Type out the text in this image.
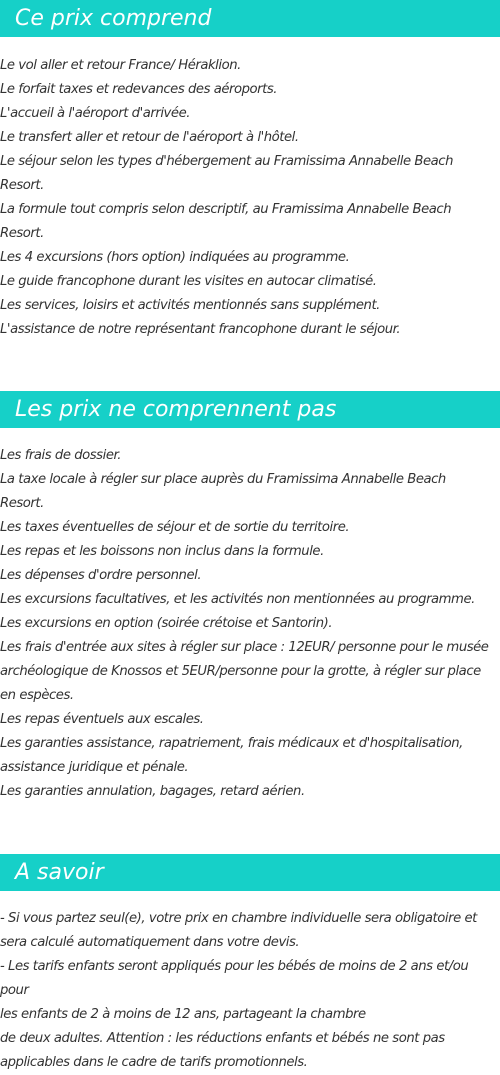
Ce prix comprend
Le vol aller et retour France/ Héraklion.
Le forfait taxes et redevances des aéroports.
L'accueil à l'aéroport d'arrivée.
Le transfert aller et retour de l'aéroport à l'hôtel.
Le séjour selon les types d'hébergement au Framissima Annabelle Beach
Resort.
La formule tout compris selon descriptif, au Framissima Annabelle Beach
Resort.
Les 4 excursions (hors option) indiquées au programme.
Le guide francophone durant les visites en autocar climatisé.
Les services, loisirs et activités mentionnés sans supplément.
L'assistance de notre représentant francophone durant le séjour.
Les prix ne comprennent pas
Les frais de dossier.
La taxe locale à régler sur place auprès du Framissima Annabelle Beach
Resort.
Les taxes éventuelles de séjour et de sortie du territoire.
Les repas et les boissons non inclus dans la formule.
Les dépenses d'ordre personnel.
Les excursions facultatives, et les activités non mentionnées au programme.
Les excursions en option (soirée crétoise et Santorin).
Les frais d'entrée aux sites à régler sur place : 12EUR/ personne pour le musée
archéologique de Knossos et 5EUR/personne pour la grotte, à régler sur place
en espèces.
Les repas éventuels aux escales.
Les garanties assistance, rapatriement, frais médicaux et d'hospitalisation,
assistance juridique et pénale.
Les garanties annulation, bagages, retard aérien.
A savoir
- Si vous partez seul(e), votre prix en chambre individuelle sera obligatoire et
sera calculé automatiquement dans votre devis.
- Les tarifs enfants seront appliqués pour les bébés de moins de 2 ans et/ou pour
les enfants de 2 à moins de 12 ans, partageant la chambre
de deux adultes. Attention : les réductions enfants et bébés ne sont pas
applicables dans le cadre de tarifs promotionnels.
